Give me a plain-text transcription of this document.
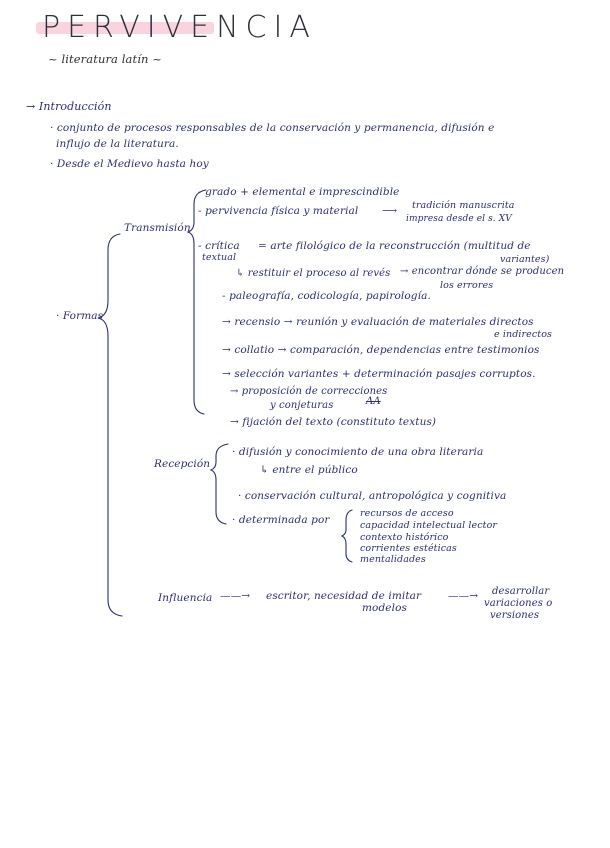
PERVIVENCIA
~ literatura latín ~
→ Introducción
· conjunto de procesos responsables de la conservación y permanencia, difusión e
influjo de la literatura.
· Desde el Medievo hasta hoy
· Formas
Transmisión
- grado + elemental e imprescindible
- pervivencia física y material ⟶ tradición manuscrita
impresa desde el s. XV
- crítica
textual
= arte filológico de la reconstrucción (multitud de
variantes)
↳ restituir el proceso al revés → encontrar dónde se producen
los errores
- paleografía, codicología, papirología.
→ recensio → reunión y evaluación de materiales directos
e indirectos
→ collatio → comparación, dependencias entre testimonios
→ selección variantes + determinación pasajes corruptos.
→ proposición de correcciones
y conjeturas	AA
→ fijación del texto (constituto textus)
Recepción
· difusión y conocimiento de una obra literaria
↳ entre el público
· conservación cultural, antropológica y cognitiva
· determinada por
recursos de acceso
capacidad intelectual lector
contexto histórico
corrientes estéticas
mentalidades
Influencia ——→ escritor, necesidad de imitar
modelos
——→ desarrollar
variaciones o
versiones
